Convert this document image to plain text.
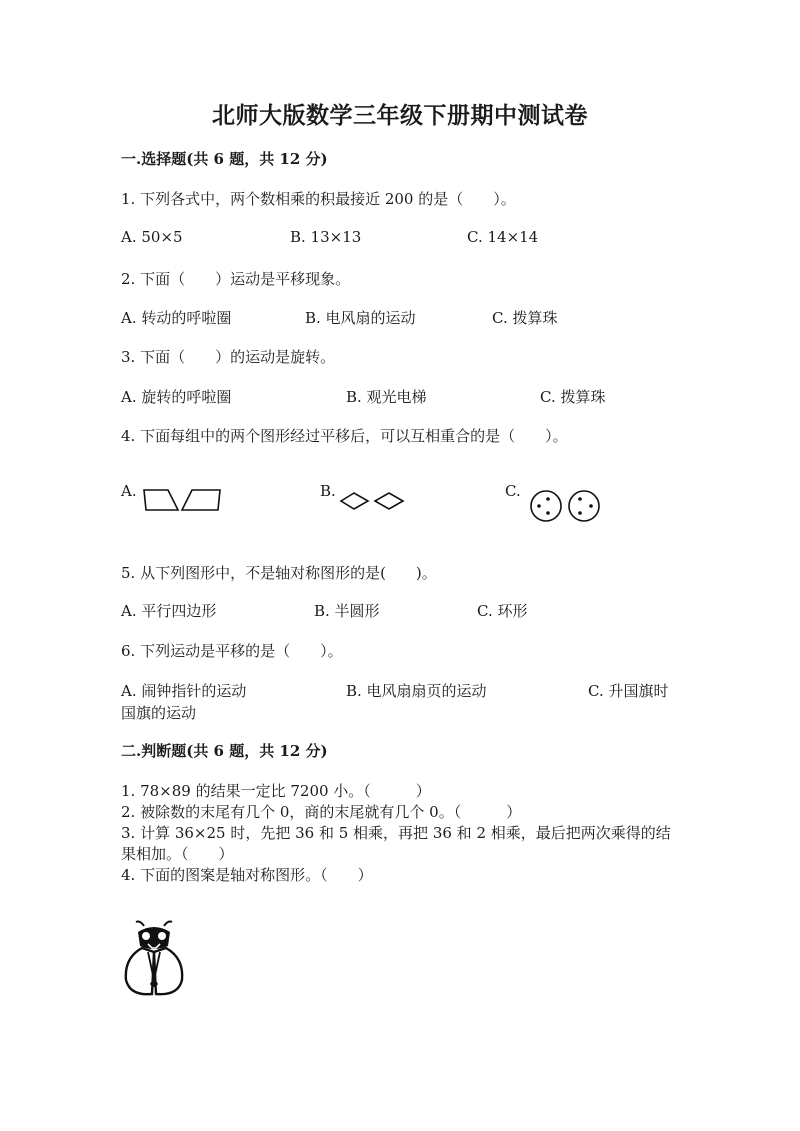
北师大版数学三年级下册期中测试卷
一.选择题(共 6 题，共 12 分)
1. 下列各式中，两个数相乘的积最接近 200 的是（　　）。
A. 50×5	B. 13×13	C. 14×14
2. 下面（　　）运动是平移现象。
A. 转动的呼啦圈	B. 电风扇的运动	C. 拨算珠
3. 下面（　　）的运动是旋转。
A. 旋转的呼啦圈	B. 观光电梯	C. 拨算珠
4. 下面每组中的两个图形经过平移后，可以互相重合的是（　　）。
A.	B.	C.
5. 从下列图形中，不是轴对称图形的是(　　)。
A. 平行四边形	B. 半圆形	C. 环形
6. 下列运动是平移的是（　　）。
A. 闹钟指针的运动	B. 电风扇扇页的运动	C. 升国旗时
国旗的运动
二.判断题(共 6 题，共 12 分)
1. 78×89 的结果一定比 7200 小。（　　　）
2. 被除数的末尾有几个 0，商的末尾就有几个 0。（　　　）
3. 计算 36×25 时，先把 36 和 5 相乘，再把 36 和 2 相乘，最后把两次乘得的结
果相加。（　　）
4. 下面的图案是轴对称图形。（　　）
